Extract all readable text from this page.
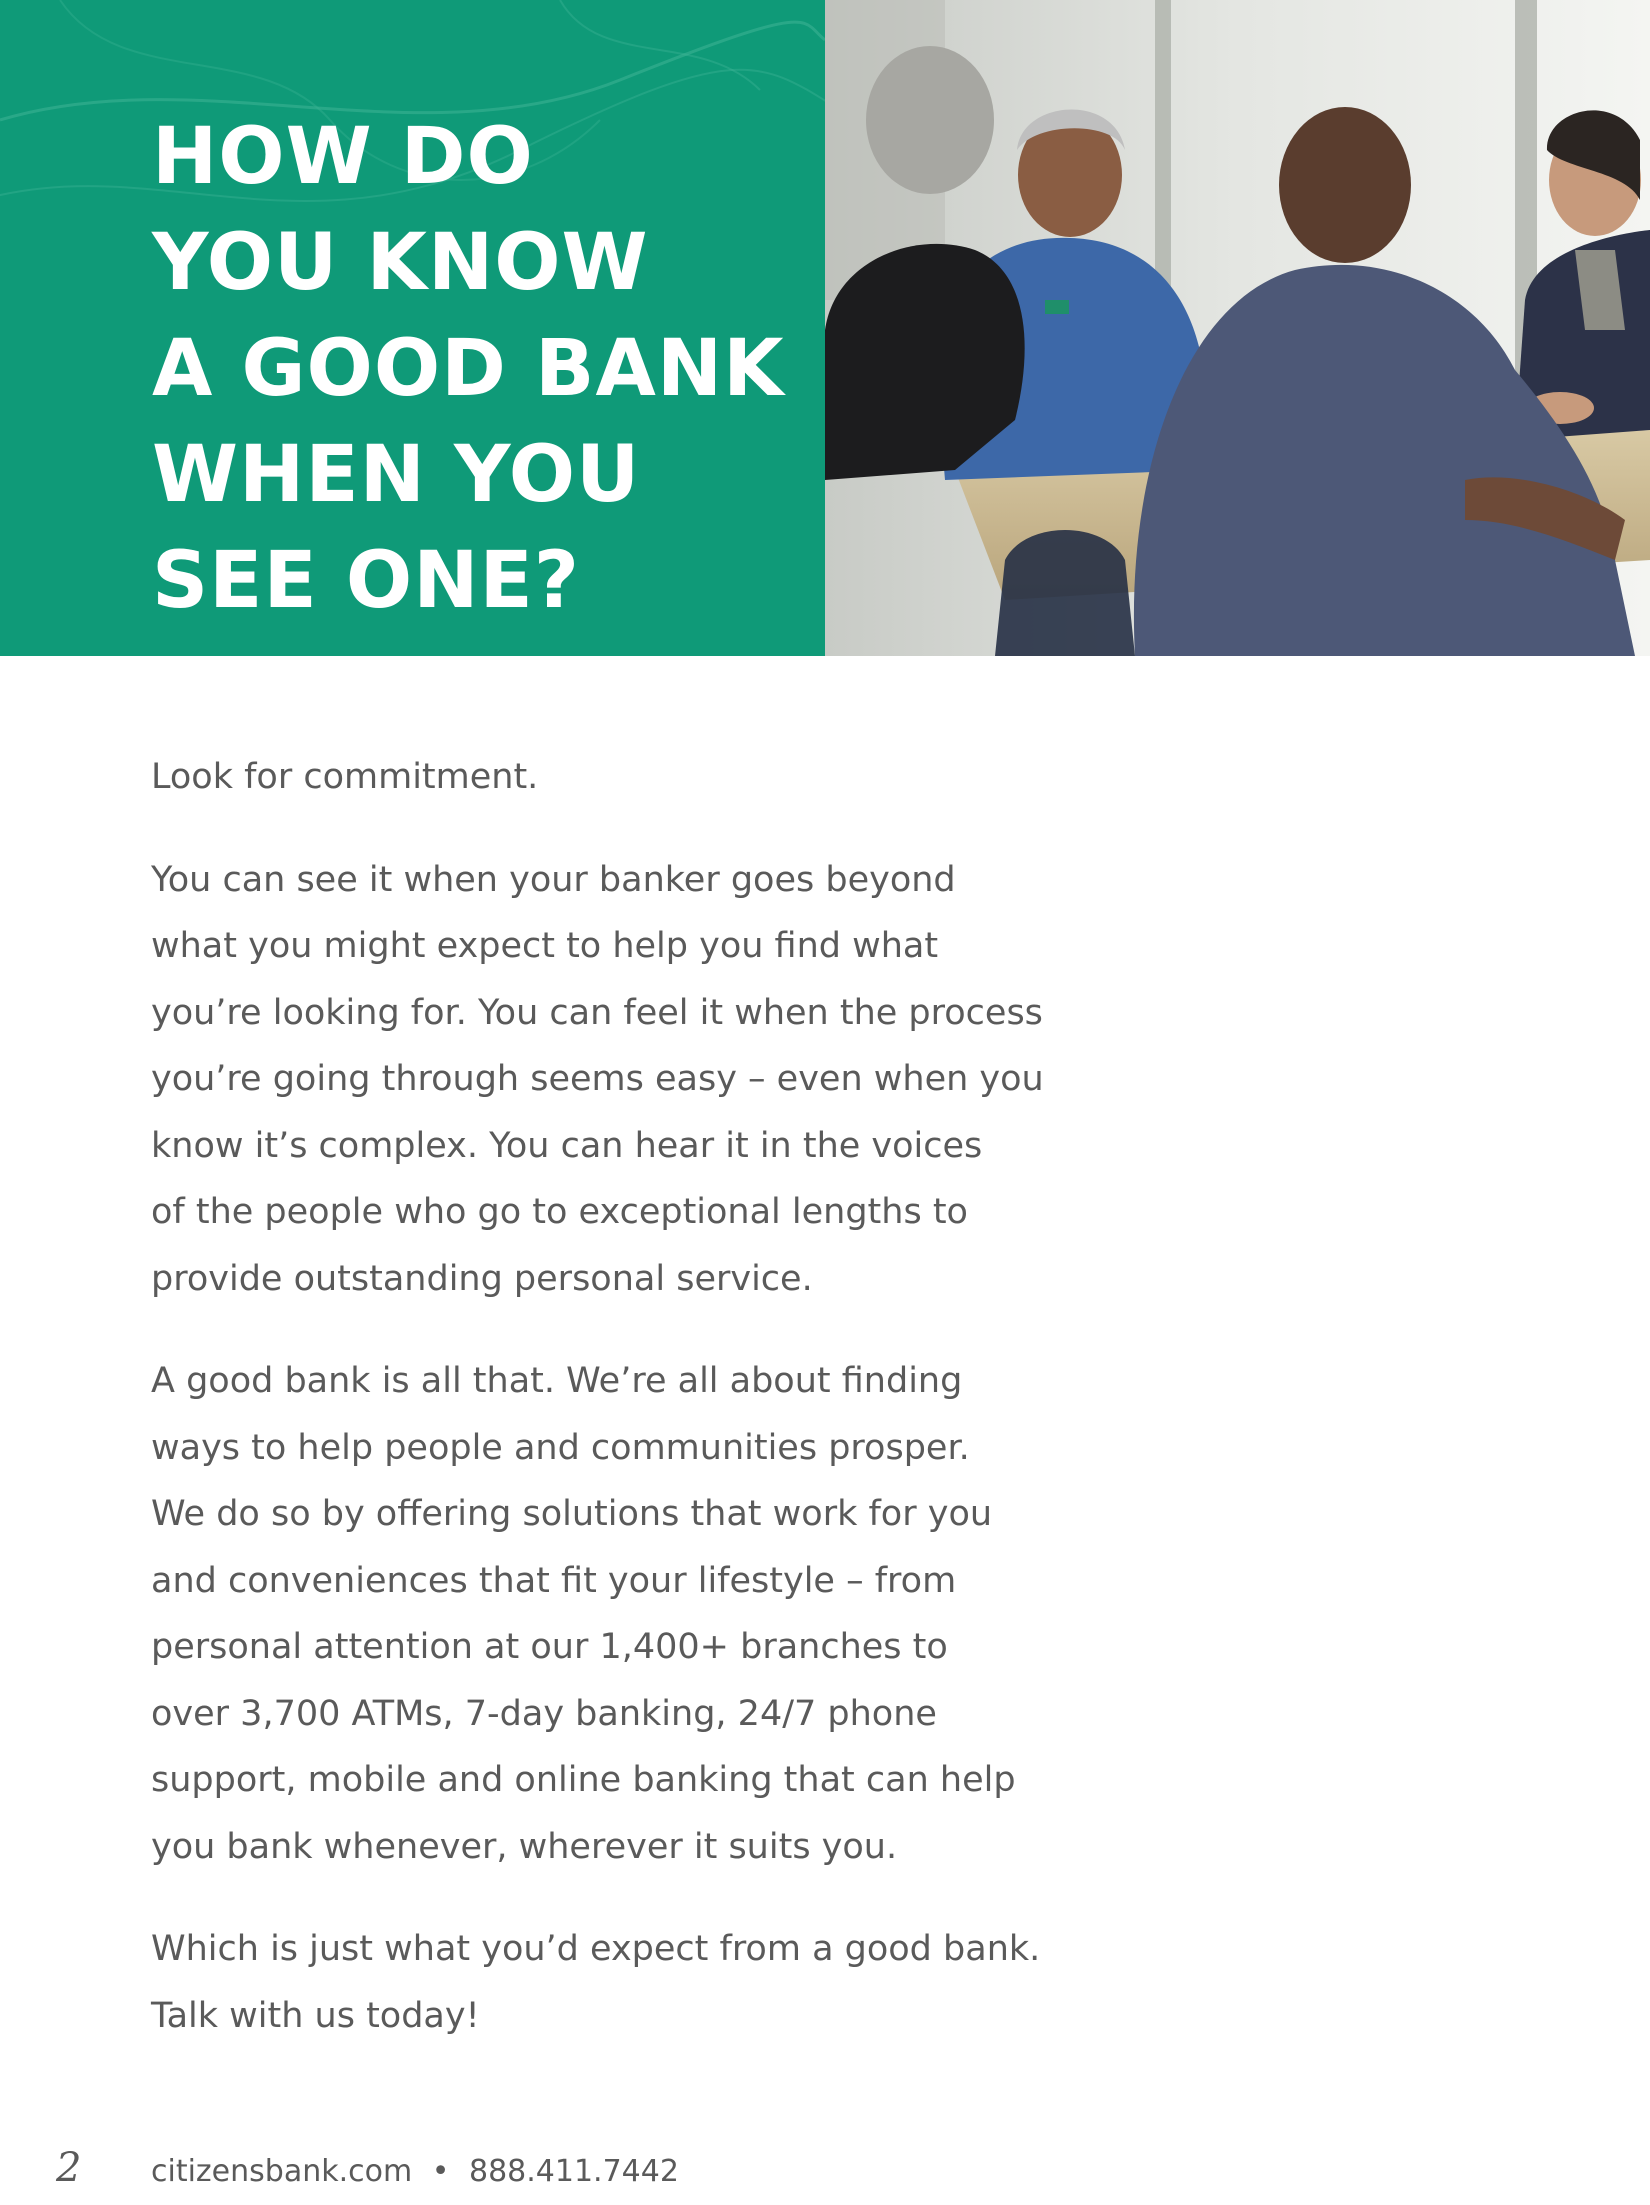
HOW DO
YOU KNOW
A GOOD BANK
WHEN YOU
SEE ONE?

Look for commitment.

You can see it when your banker goes beyond
what you might expect to help you find what
you’re looking for. You can feel it when the process
you’re going through seems easy – even when you
know it’s complex. You can hear it in the voices
of the people who go to exceptional lengths to
provide outstanding personal service.

A good bank is all that. We’re all about finding
ways to help people and communities prosper.
We do so by offering solutions that work for you
and conveniences that fit your lifestyle – from
personal attention at our 1,400+ branches to
over 3,700 ATMs, 7-day banking, 24/7 phone
support, mobile and online banking that can help
you bank whenever, wherever it suits you.

Which is just what you’d expect from a good bank.
Talk with us today!

2 citizensbank.com • 888.411.7442
